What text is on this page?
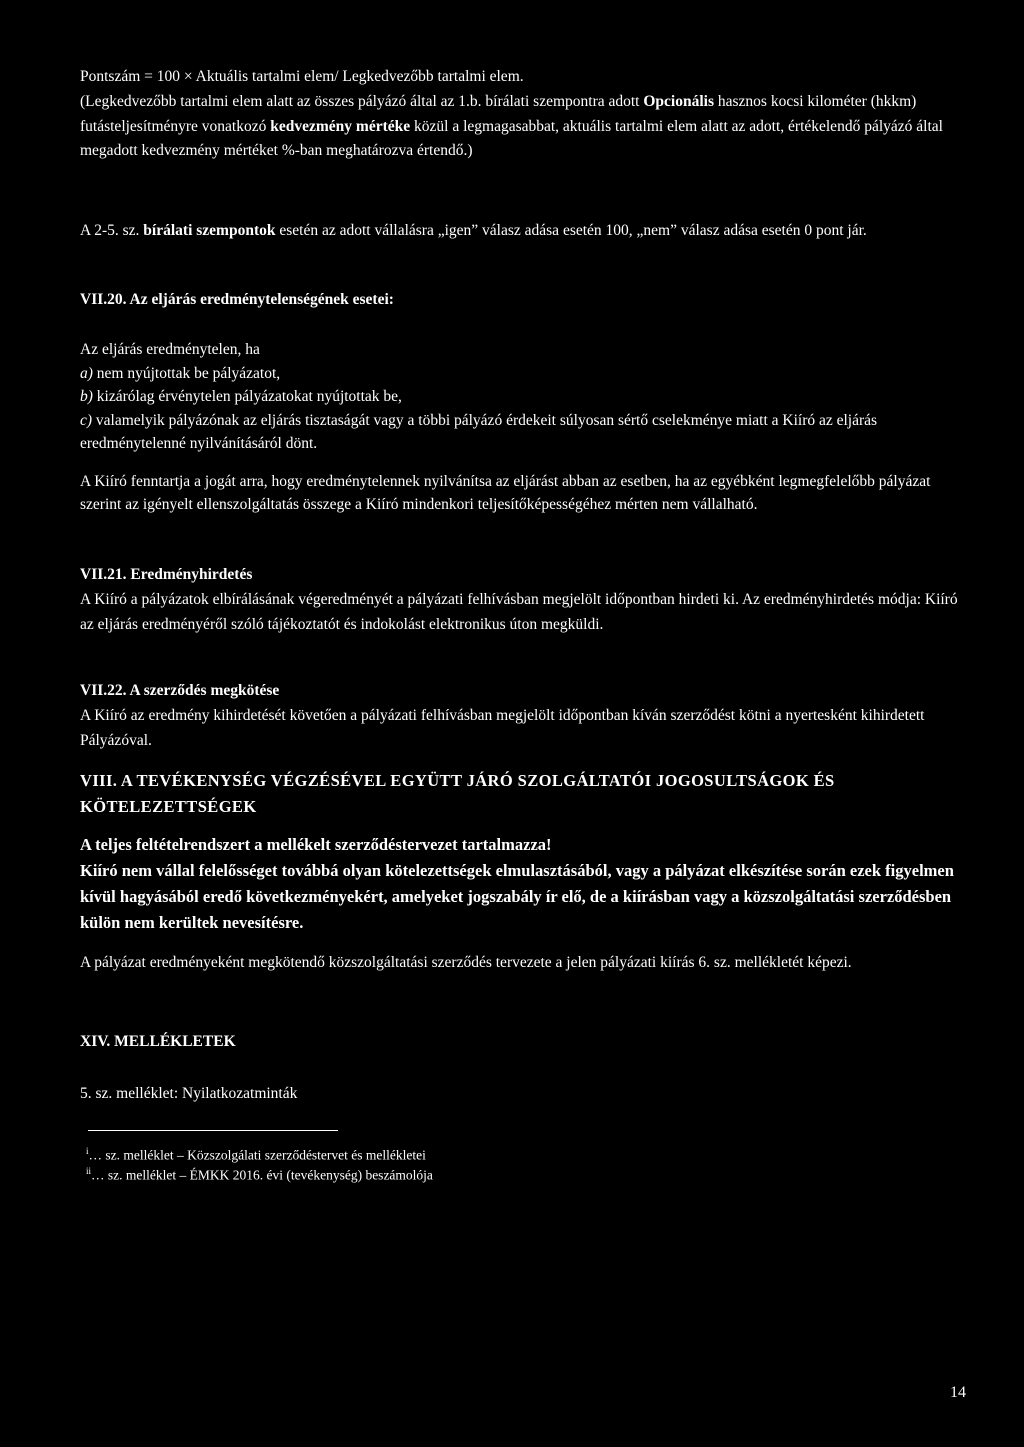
Pontszám = 100 × Aktuális tartalmi elem/ Legkedvezőbb tartalmi elem.

(Legkedvezőbb tartalmi elem alatt az összes pályázó által az 1.b. bírálati szempontra adott Opcionális hasznos kocsi kilométer (hkkm) futásteljesítményre vonatkozó kedvezmény mértéke közül a legmagasabbat, aktuális tartalmi elem alatt az adott, értékelendő pályázó által megadott kedvezmény mértéket %-ban meghatározva értendő.)

A 2-5. sz. bírálati szempontok esetén az adott vállalásra „igen” válasz adása esetén 100, „nem” válasz adása esetén 0 pont jár.

VII.20. Az eljárás eredménytelenségének esetei:

Az eljárás eredménytelen, ha
a) nem nyújtottak be pályázatot,
b) kizárólag érvénytelen pályázatokat nyújtottak be,
c) valamelyik pályázónak az eljárás tisztaságát vagy a többi pályázó érdekeit súlyosan sértő cselekménye miatt a Kiíró az eljárás eredménytelenné nyilvánításáról dönt.

A Kiíró fenntartja a jogát arra, hogy eredménytelennek nyilvánítsa az eljárást abban az esetben, ha az egyébként legmegfelelőbb pályázat szerint az igényelt ellenszolgáltatás összege a Kiíró mindenkori teljesítőképességéhez mérten nem vállalható.

VII.21. Eredményhirdetés
A Kiíró a pályázatok elbírálásának végeredményét a pályázati felhívásban megjelölt időpontban hirdeti ki. Az eredményhirdetés módja: Kiíró az eljárás eredményéről szóló tájékoztatót és indokolást elektronikus úton megküldi.
VII.22. A szerződés megkötése
A Kiíró az eredmény kihirdetését követően a pályázati felhívásban megjelölt időpontban kíván szerződést kötni a nyertesként kihirdetett Pályázóval.

VIII. A TEVÉKENYSÉG VÉGZÉSÉVEL EGYÜTT JÁRÓ SZOLGÁLTATÓI JOGOSULTSÁGOK ÉS KÖTELEZETTSÉGEK

A teljes feltételrendszert a mellékelt szerződéstervezet tartalmazza!
Kiíró nem vállal felelősséget továbbá olyan kötelezettségek elmulasztásából, vagy a pályázat elkészítése során ezek figyelmen kívül hagyásából eredő következményekért, amelyeket jogszabály ír elő, de a kiírásban vagy a közszolgáltatási szerződésben külön nem kerültek nevesítésre.

A pályázat eredményeként megkötendő közszolgáltatási szerződés tervezete a jelen pályázati kiírás 6. sz. mellékletét képezi.

XIV. MELLÉKLETEK

5. sz. melléklet: Nyilatkozatminták

$^i$… sz. melléklet – Közszolgálati szerződéstervet és mellékletei
$^{ii}$… sz. melléklet – ÉMKK 2016. évi (tevékenység) beszámolója
14
